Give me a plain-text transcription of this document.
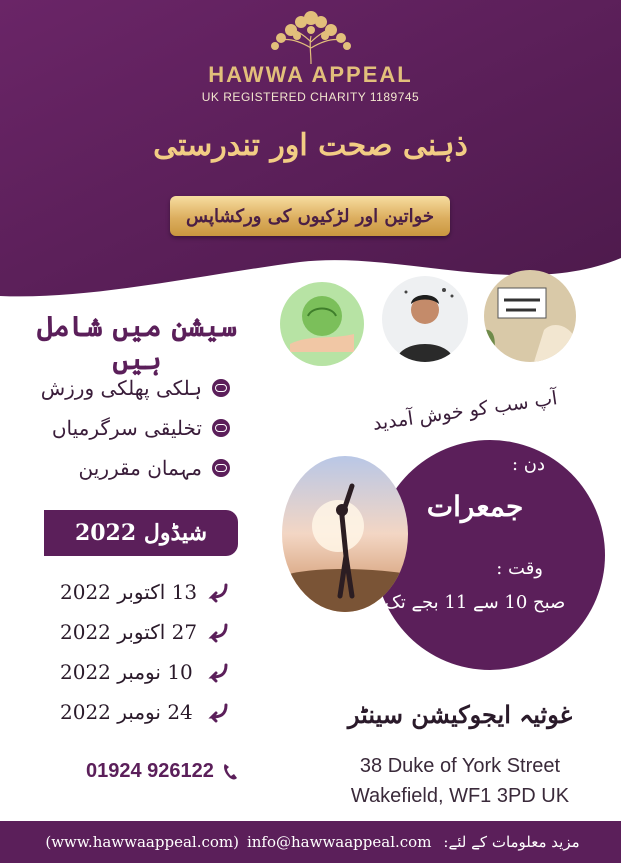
HAWWA APPEAL
UK REGISTERED CHARITY 1189745
ذہنی صحت اور تندرستی
خواتین اور لڑکیوں کی ورکشاپس
سیشن میں شامل ہیں
ہلکی پھلکی ورزش
تخلیقی سرگرمیاں
مہمان مقررین
شیڈول 2022
13 اکتوبر 2022
27 اکتوبر 2022
10 نومبر 2022
24 نومبر 2022
01924 926122
آپ سب کو خوش آمدید
دن :
جمعرات
وقت :
صبح 10 سے 11 بجے تک
غوثیہ ایجوکیشن سینٹر
38 Duke of York Street
Wakefield, WF1 3PD UK
مزید معلومات کے لئے:
info@hawwaappeal.com
(www.hawwaappeal.com)
